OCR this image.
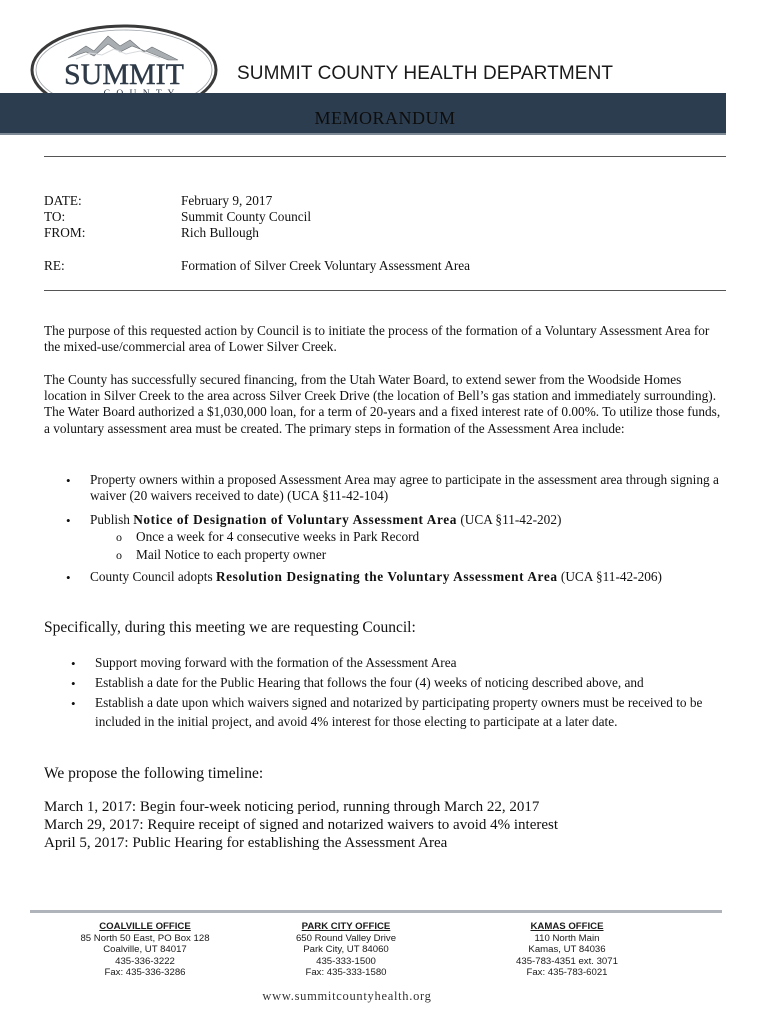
SUMMIT	SUMMIT COUNTY HEALTH DEPARTMENT
MEMORANDUM
DATE:	February 9, 2017
TO:	Summit County Council
FROM:	Rich Bullough
RE:	Formation of Silver Creek Voluntary Assessment Area

The purpose of this requested action by Council is to initiate the process of the formation of a Voluntary Assessment Area for the mixed-use/commercial area of Lower Silver Creek.

The County has successfully secured financing, from the Utah Water Board, to extend sewer from the Woodside Homes location in Silver Creek to the area across Silver Creek Drive (the location of Bell’s gas station and immediately surrounding). The Water Board authorized a $1,030,000 loan, for a term of 20-years and a fixed interest rate of 0.00%. To utilize those funds, a voluntary assessment area must be created. The primary steps in formation of the Assessment Area include:

• Property owners within a proposed Assessment Area may agree to participate in the assessment area through signing a waiver (20 waivers received to date) (UCA §11-42-104)

• Publish Notice of Designation of Voluntary Assessment Area (UCA §11-42-202)

o Once a week for 4 consecutive weeks in Park Record
o Mail Notice to each property owner
• County Council adopts Resolution Designating the Voluntary Assessment Area (UCA §11-42-206)

Specifically, during this meeting we are requesting Council:
• Support moving forward with the formation of the Assessment Area

• Establish a date for the Public Hearing that follows the four (4) weeks of noticing described above, and

• Establish a date upon which waivers signed and notarized by participating property owners must be received to be included in the initial project, and avoid 4% interest for those electing to participate at a later date.

We propose the following timeline:
March 1, 2017: Begin four-week noticing period, running through March 22, 2017
March 29, 2017: Require receipt of signed and notarized waivers to avoid 4% interest
April 5, 2017: Public Hearing for establishing the Assessment Area
COALVILLE OFFICE
85 North 50 East, PO Box 128
Coalville, UT 84017
435-336-3222
Fax: 435-336-3286
PARK CITY OFFICE
650 Round Valley Drive
Park City, UT 84060
435-333-1500
Fax: 435-333-1580
KAMAS OFFICE
110 North Main
Kamas, UT 84036
435-783-4351 ext. 3071
Fax: 435-783-6021
www.summitcountyhealth.org
